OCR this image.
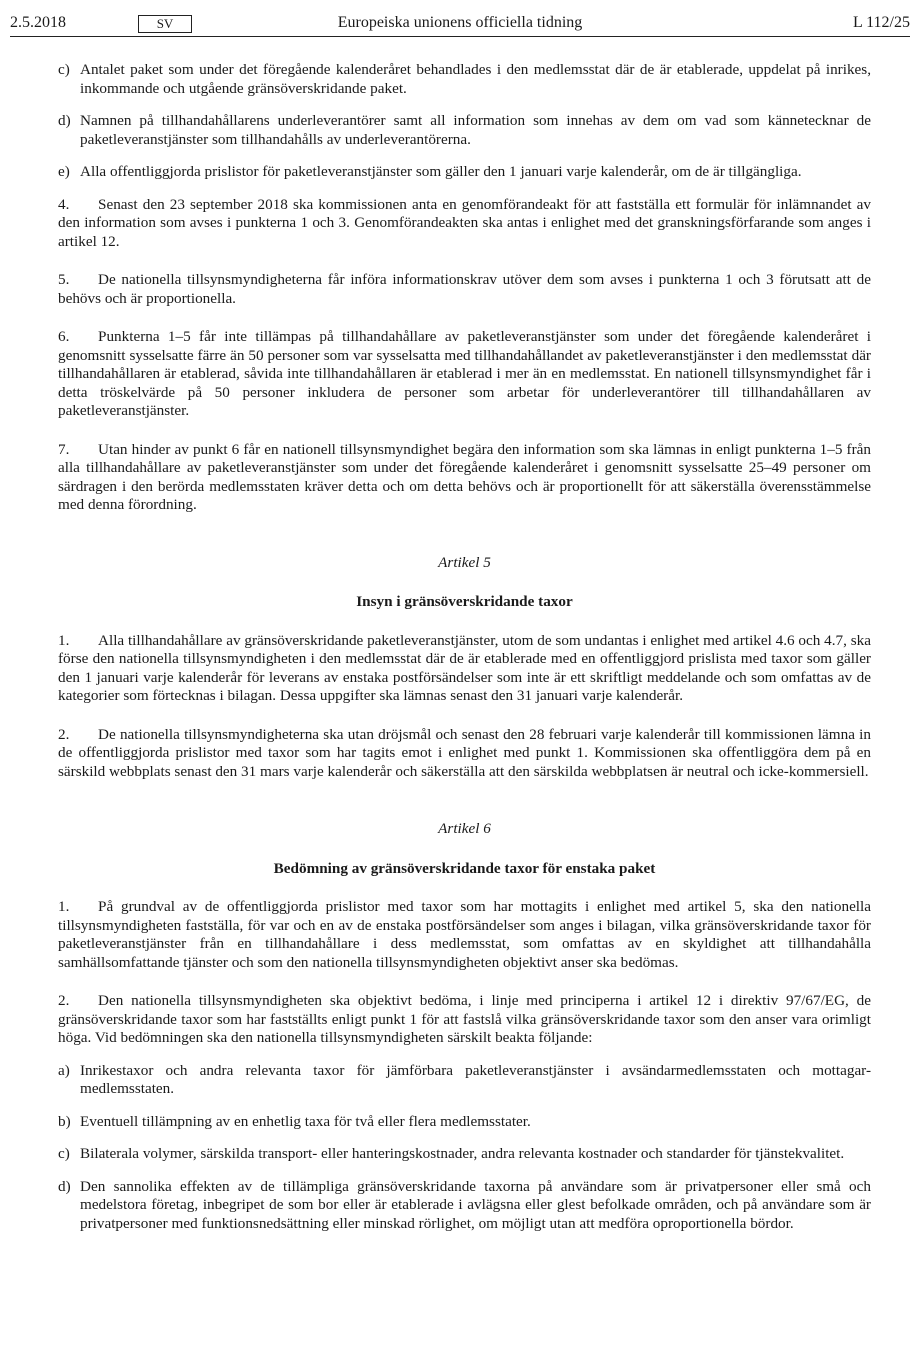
2.5.2018	SV	Europeiska unionens officiella tidning	L 112/25
c) Antalet paket som under det föregående kalenderåret behandlades i den medlemsstat där de är etablerade, uppdelat på inrikes, inkommande och utgående gränsöverskridande paket.
d) Namnen på tillhandahållarens underleverantörer samt all information som innehas av dem om vad som kännetecknar de paketleveranstjänster som tillhandahålls av underleverantörerna.
e) Alla offentliggjorda prislistor för paketleveranstjänster som gäller den 1 januari varje kalenderår, om de är tillgängliga.

4. Senast den 23 september 2018 ska kommissionen anta en genomförandeakt för att fastställa ett formulär för inlämnandet av den information som avses i punkterna 1 och 3. Genomförandeakten ska antas i enlighet med det granskningsförfarande som anges i artikel 12.

5. De nationella tillsynsmyndigheterna får införa informationskrav utöver dem som avses i punkterna 1 och 3 förutsatt att de behövs och är proportionella.

6. Punkterna 1–5 får inte tillämpas på tillhandahållare av paketleveranstjänster som under det föregående kalenderåret i genomsnitt sysselsatte färre än 50 personer som var sysselsatta med tillhandahållandet av paketleveranstjänster i den medlemsstat där tillhandahållaren är etablerad, såvida inte tillhandahållaren är etablerad i mer än en medlemsstat. En nationell tillsynsmyndighet får i detta tröskelvärde på 50 personer inkludera de personer som arbetar för underleverantörer till tillhandahållaren av paketleveranstjänster.

7. Utan hinder av punkt 6 får en nationell tillsynsmyndighet begära den information som ska lämnas in enligt punkterna 1–5 från alla tillhandahållare av paketleveranstjänster som under det föregående kalenderåret i genomsnitt sysselsatte 25–49 personer om särdragen i den berörda medlemsstaten kräver detta och om detta behövs och är proportionellt för att säkerställa överensstämmelse med denna förordning.

Artikel 5
Insyn i gränsöverskridande taxor

1. Alla tillhandahållare av gränsöverskridande paketleveranstjänster, utom de som undantas i enlighet med artikel 4.6 och 4.7, ska förse den nationella tillsynsmyndigheten i den medlemsstat där de är etablerade med en offentliggjord prislista med taxor som gäller den 1 januari varje kalenderår för leverans av enstaka postförsändelser som inte är ett skriftligt meddelande och som omfattas av de kategorier som förtecknas i bilagan. Dessa uppgifter ska lämnas senast den 31 januari varje kalenderår.

2. De nationella tillsynsmyndigheterna ska utan dröjsmål och senast den 28 februari varje kalenderår till kommissionen lämna in de offentliggjorda prislistor med taxor som har tagits emot i enlighet med punkt 1. Kommissionen ska offentliggöra dem på en särskild webbplats senast den 31 mars varje kalenderår och säkerställa att den särskilda webbplatsen är neutral och icke-kommersiell.

Artikel 6
Bedömning av gränsöverskridande taxor för enstaka paket

1. På grundval av de offentliggjorda prislistor med taxor som har mottagits i enlighet med artikel 5, ska den nationella tillsynsmyndigheten fastställa, för var och en av de enstaka postförsändelser som anges i bilagan, vilka gränsöverskridande taxor för paketleveranstjänster från en tillhandahållare i dess medlemsstat, som omfattas av en skyldighet att tillhandahålla samhällsomfattande tjänster och som den nationella tillsynsmyndigheten objektivt anser ska bedömas.

2. Den nationella tillsynsmyndigheten ska objektivt bedöma, i linje med principerna i artikel 12 i direktiv 97/67/EG, de gränsöverskridande taxor som har fastställts enligt punkt 1 för att fastslå vilka gränsöverskridande taxor som den anser vara orimligt höga. Vid bedömningen ska den nationella tillsynsmyndigheten särskilt beakta följande:

a) Inrikestaxor och andra relevanta taxor för jämförbara paketleveranstjänster i avsändarmedlemsstaten och mottagar- medlemsstaten.
b) Eventuell tillämpning av en enhetlig taxa för två eller flera medlemsstater.
c) Bilaterala volymer, särskilda transport- eller hanteringskostnader, andra relevanta kostnader och standarder för tjänstekvalitet.
d) Den sannolika effekten av de tillämpliga gränsöverskridande taxorna på användare som är privatpersoner eller små och medelstora företag, inbegripet de som bor eller är etablerade i avlägsna eller glest befolkade områden, och på användare som är privatpersoner med funktionsnedsättning eller minskad rörlighet, om möjligt utan att medföra oproportionella bördor.
